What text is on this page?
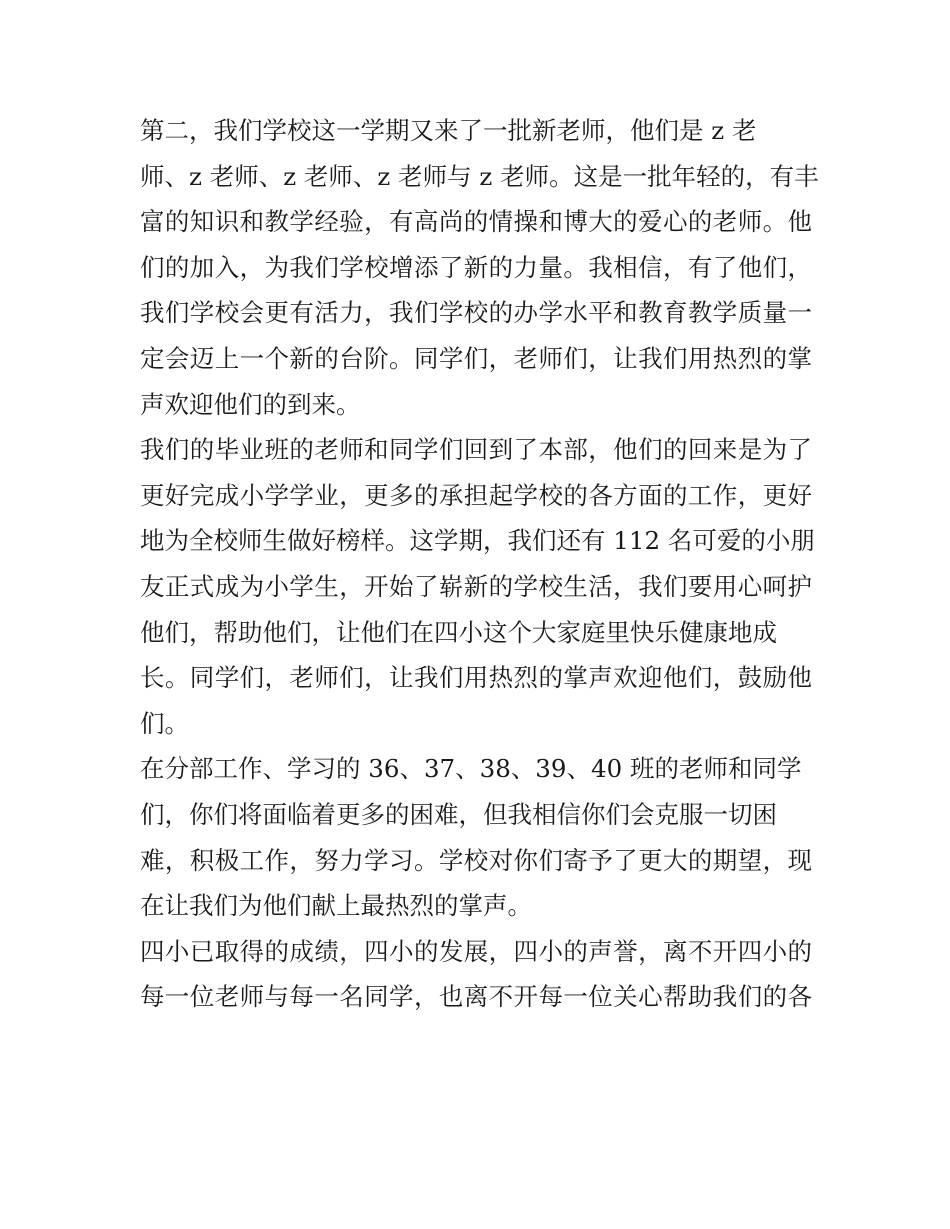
第二，我们学校这一学期又来了一批新老师，他们是 z 老
师、z 老师、z 老师、z 老师与 z 老师。这是一批年轻的，有丰
富的知识和教学经验，有高尚的情操和博大的爱心的老师。他
们的加入，为我们学校增添了新的力量。我相信，有了他们，
我们学校会更有活力，我们学校的办学水平和教育教学质量一
定会迈上一个新的台阶。同学们，老师们，让我们用热烈的掌
声欢迎他们的到来。
我们的毕业班的老师和同学们回到了本部，他们的回来是为了
更好完成小学学业，更多的承担起学校的各方面的工作，更好
地为全校师生做好榜样。这学期，我们还有 112 名可爱的小朋
友正式成为小学生，开始了崭新的学校生活，我们要用心呵护
他们，帮助他们，让他们在四小这个大家庭里快乐健康地成
长。同学们，老师们，让我们用热烈的掌声欢迎他们，鼓励他
们。
在分部工作、学习的 36、37、38、39、40 班的老师和同学
们，你们将面临着更多的困难，但我相信你们会克服一切困
难，积极工作，努力学习。学校对你们寄予了更大的期望，现
在让我们为他们献上最热烈的掌声。
四小已取得的成绩，四小的发展，四小的声誉，离不开四小的
每一位老师与每一名同学，也离不开每一位关心帮助我们的各
